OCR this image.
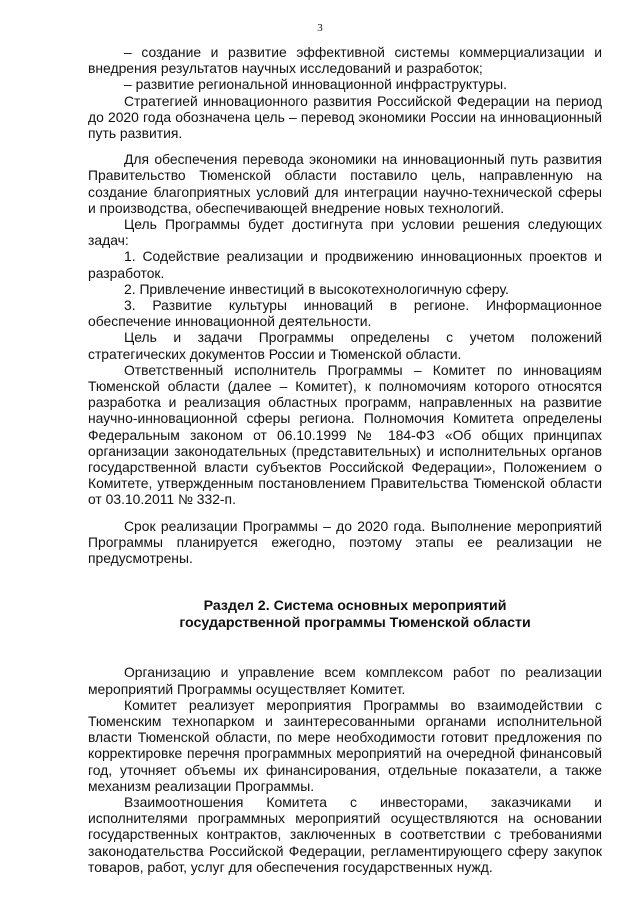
3

– создание и развитие эффективной системы коммерциализации и внедрения результатов научных исследований и разработок;

– развитие региональной инновационной инфраструктуры.

Стратегией инновационного развития Российской Федерации на период до 2020 года обозначена цель – перевод экономики России на инновационный путь развития.

Для обеспечения перевода экономики на инновационный путь развития Правительство Тюменской области поставило цель, направленную на создание благоприятных условий для интеграции научно-технической сферы и производства, обеспечивающей внедрение новых технологий.

Цель Программы будет достигнута при условии решения следующих задач:

1. Содействие реализации и продвижению инновационных проектов и разработок.

2. Привлечение инвестиций в высокотехнологичную сферу.

3. Развитие культуры инноваций в регионе. Информационное обеспечение инновационной деятельности.

Цель и задачи Программы определены с учетом положений стратегических документов России и Тюменской области.

Ответственный исполнитель Программы – Комитет по инновациям Тюменской области (далее – Комитет), к полномочиям которого относятся разработка и реализация областных программ, направленных на развитие научно-инновационной сферы региона. Полномочия Комитета определены Федеральным законом от 06.10.1999 № 184-ФЗ «Об общих принципах организации законодательных (представительных) и исполнительных органов государственной власти субъектов Российской Федерации», Положением о Комитете, утвержденным постановлением Правительства Тюменской области от 03.10.2011 № 332-п.

Срок реализации Программы – до 2020 года. Выполнение мероприятий Программы планируется ежегодно, поэтому этапы ее реализации не предусмотрены.

Раздел 2. Система основных мероприятий

государственной программы Тюменской области

Организацию и управление всем комплексом работ по реализации мероприятий Программы осуществляет Комитет.

Комитет реализует мероприятия Программы во взаимодействии с Тюменским технопарком и заинтересованными органами исполнительной власти Тюменской области, по мере необходимости готовит предложения по корректировке перечня программных мероприятий на очередной финансовый год, уточняет объемы их финансирования, отдельные показатели, а также механизм реализации Программы.

Взаимоотношения Комитета с инвесторами, заказчиками и исполнителями программных мероприятий осуществляются на основании государственных контрактов, заключенных в соответствии с требованиями законодательства Российской Федерации, регламентирующего сферу закупок товаров, работ, услуг для обеспечения государственных нужд.
